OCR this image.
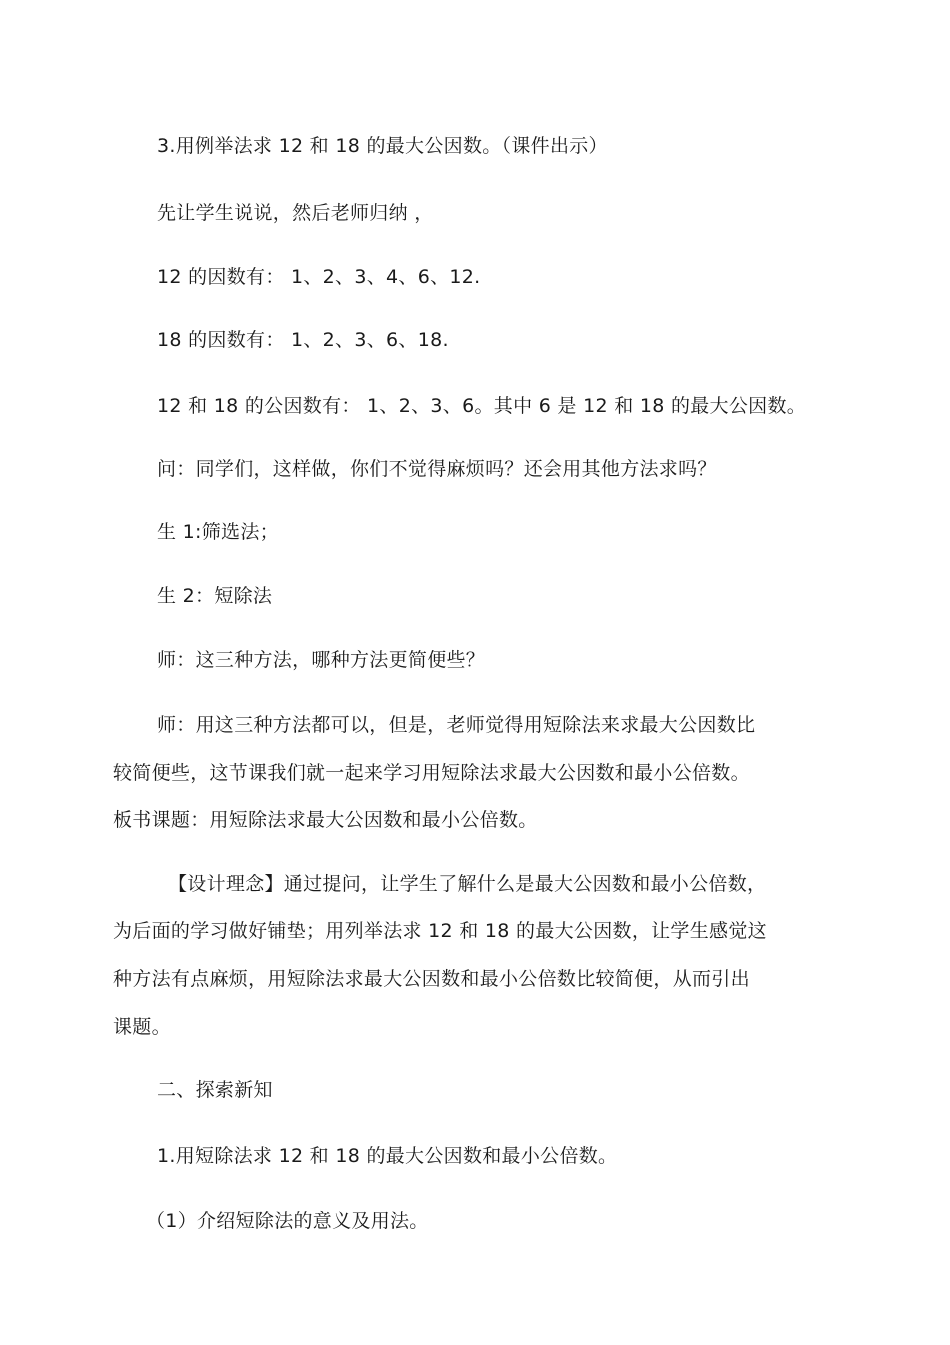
3.用例举法求 12 和 18 的最大公因数。（课件出示）
先让学生说说，然后老师归纳 ，
12 的因数有： 1、2、3、4、6、12.
18 的因数有： 1、2、3、6、18.
12 和 18 的公因数有： 1、2、3、6。其中 6 是 12 和 18 的最大公因数。
问：同学们，这样做，你们不觉得麻烦吗？还会用其他方法求吗？
生 1:筛选法；
生 2：短除法
师：这三种方法，哪种方法更简便些？
师：用这三种方法都可以，但是，老师觉得用短除法来求最大公因数比
较简便些，这节课我们就一起来学习用短除法求最大公因数和最小公倍数。
板书课题：用短除法求最大公因数和最小公倍数。
【设计理念】通过提问，让学生了解什么是最大公因数和最小公倍数，
为后面的学习做好铺垫；用列举法求 12 和 18 的最大公因数，让学生感觉这
种方法有点麻烦，用短除法求最大公因数和最小公倍数比较简便，从而引出
课题。
二、探索新知
1.用短除法求 12 和 18 的最大公因数和最小公倍数。
（1）介绍短除法的意义及用法。
